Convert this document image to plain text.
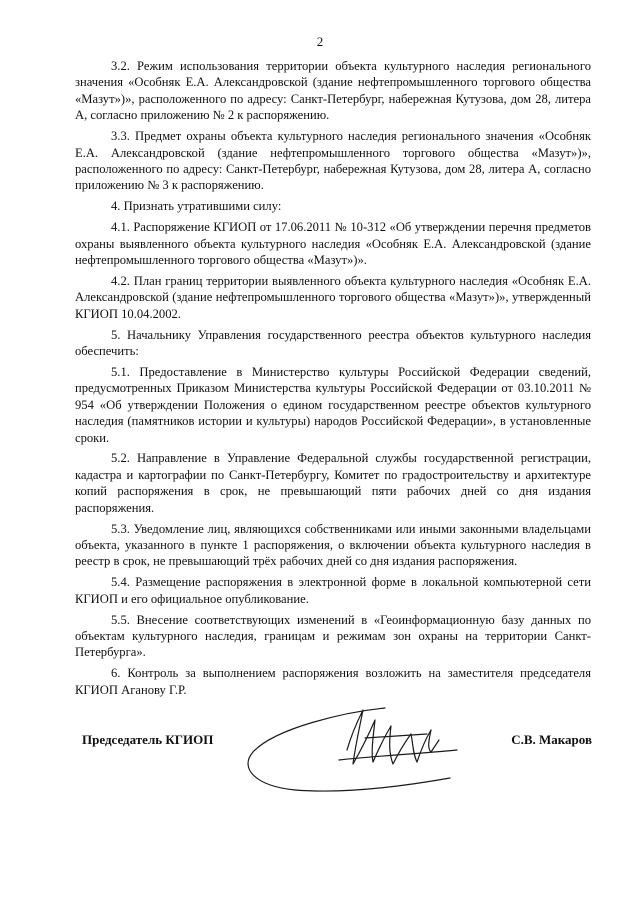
2

3.2. Режим использования территории объекта культурного наследия регионального значения «Особняк Е.А. Александровской (здание нефтепромышленного торгового общества «Мазут»)», расположенного по адресу: Санкт-Петербург, набережная Кутузова, дом 28, литера А, согласно приложению № 2 к распоряжению.

3.3. Предмет охраны объекта культурного наследия регионального значения «Особняк Е.А. Александровской (здание нефтепромышленного торгового общества «Мазут»)», расположенного по адресу: Санкт-Петербург, набережная Кутузова, дом 28, литера А, согласно приложению № 3 к распоряжению.

4. Признать утратившими силу:

4.1. Распоряжение КГИОП от 17.06.2011 № 10-312 «Об утверждении перечня предметов охраны выявленного объекта культурного наследия «Особняк Е.А. Александровской (здание нефтепромышленного торгового общества «Мазут»)».

4.2. План границ территории выявленного объекта культурного наследия «Особняк Е.А. Александровской (здание нефтепромышленного торгового общества «Мазут»)», утвержденный КГИОП 10.04.2002.

5. Начальнику Управления государственного реестра объектов культурного наследия обеспечить:

5.1. Предоставление в Министерство культуры Российской Федерации сведений, предусмотренных Приказом Министерства культуры Российской Федерации от 03.10.2011 № 954 «Об утверждении Положения о едином государственном реестре объектов культурного наследия (памятников истории и культуры) народов Российской Федерации», в установленные сроки.

5.2. Направление в Управление Федеральной службы государственной регистрации, кадастра и картографии по Санкт-Петербургу, Комитет по градостроительству и архитектуре копий распоряжения в срок, не превышающий пяти рабочих дней со дня издания распоряжения.

5.3. Уведомление лиц, являющихся собственниками или иными законными владельцами объекта, указанного в пункте 1 распоряжения, о включении объекта культурного наследия в реестр в срок, не превышающий трёх рабочих дней со дня издания распоряжения.

5.4. Размещение распоряжения в электронной форме в локальной компьютерной сети КГИОП и его официальное опубликование.

5.5. Внесение соответствующих изменений в «Геоинформационную базу данных по объектам культурного наследия, границам и режимам зон охраны на территории Санкт-Петербурга».

6. Контроль за выполнением распоряжения возложить на заместителя председателя КГИОП Аганову Г.Р.

Председатель КГИОП	С.В. Макаров
